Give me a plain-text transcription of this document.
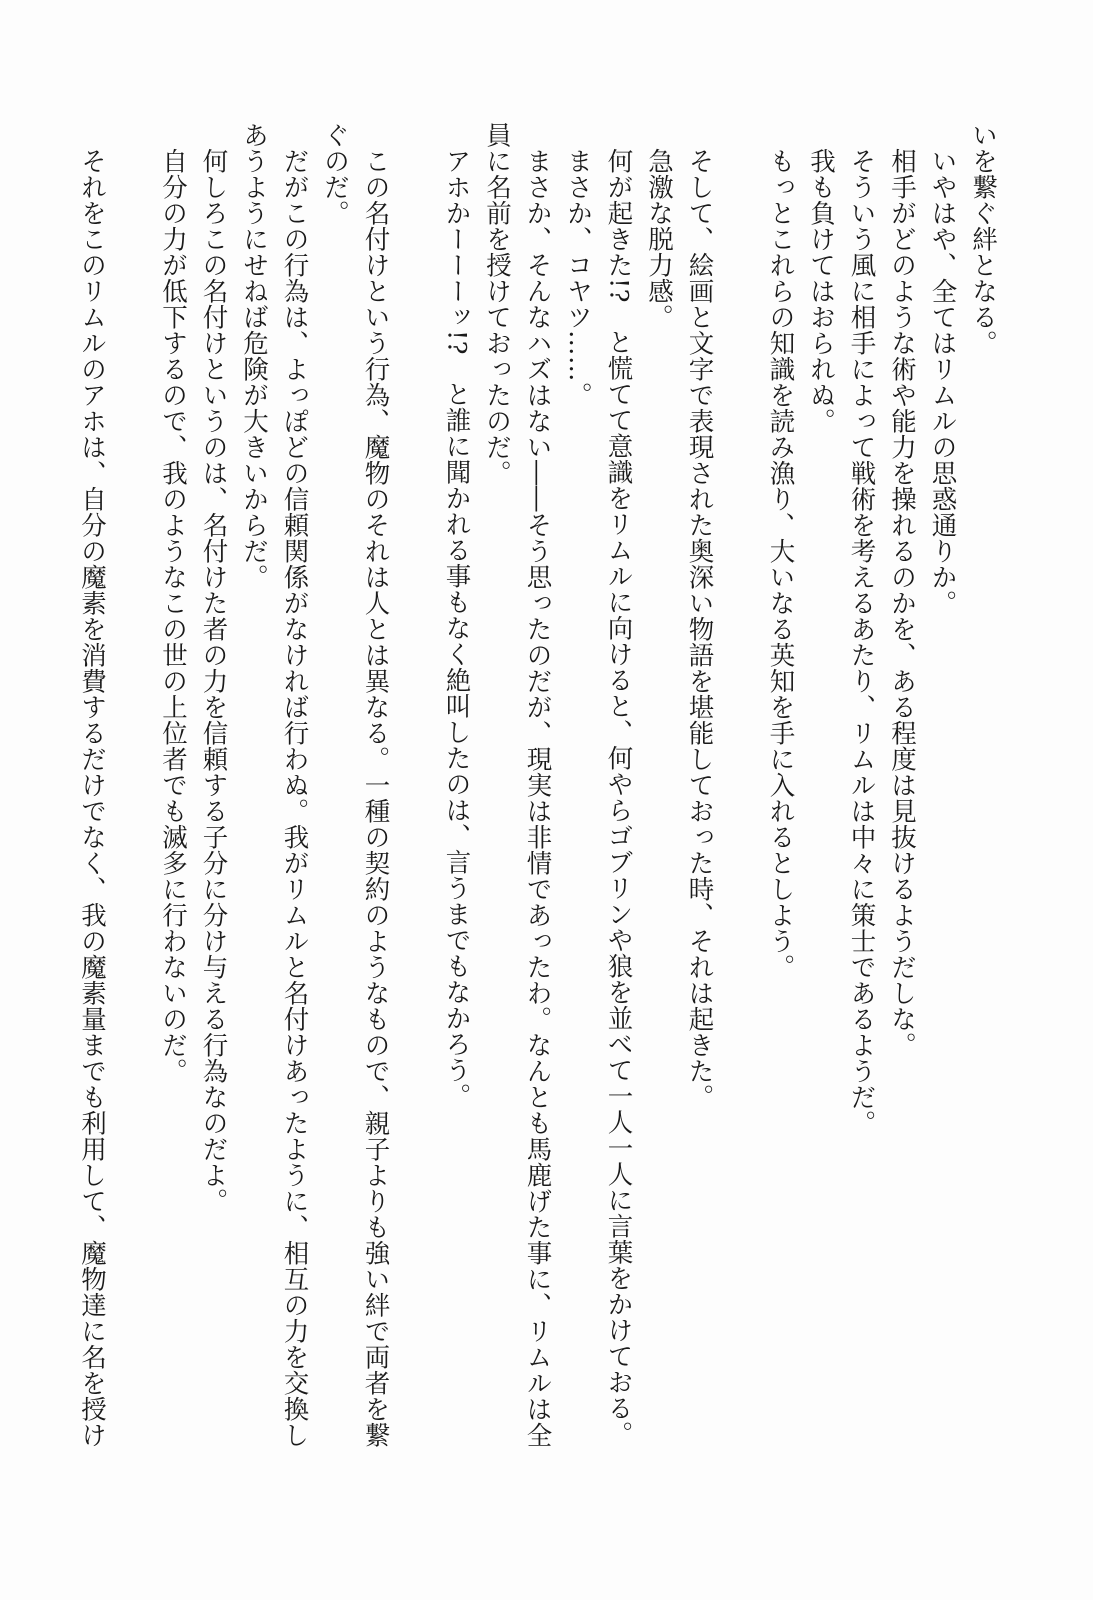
いを繋ぐ絆となる。
　いやはや、全てはリムルの思惑通りか。
　相手がどのような術や能力を操れるのかを、ある程度は見抜けるようだしな。
　そういう風に相手によって戦術を考えるあたり、リムルは中々に策士であるようだ。
　我も負けてはおられぬ。
　もっとこれらの知識を読み漁り、大いなる英知を手に入れるとしよう。
　そして、絵画と文字で表現された奥深い物語を堪能しておった時、それは起きた。
　急激な脱力感。
　何が起きた!?　と慌てて意識をリムルに向けると、何やらゴブリンや狼を並べて一人一人に言葉をかけておる。
　まさか、コヤツ……。
　まさか、そんなハズはない――そう思ったのだが、現実は非情であったわ。なんとも馬鹿げた事に、リムルは全
員に名前を授けておったのだ。
　アホかーーーッ!?　と誰に聞かれる事もなく絶叫したのは、言うまでもなかろう。
　この名付けという行為、魔物のそれは人とは異なる。一種の契約のようなもので、親子よりも強い絆で両者を繋
ぐのだ。
　だがこの行為は、よっぽどの信頼関係がなければ行わぬ。我がリムルと名付けあったように、相互の力を交換し
あうようにせねば危険が大きいからだ。
　何しろこの名付けというのは、名付けた者の力を信頼する子分に分け与える行為なのだよ。
　自分の力が低下するので、我のようなこの世の上位者でも滅多に行わないのだ。
　それをこのリムルのアホは、自分の魔素を消費するだけでなく、我の魔素量までも利用して、魔物達に名を授け
